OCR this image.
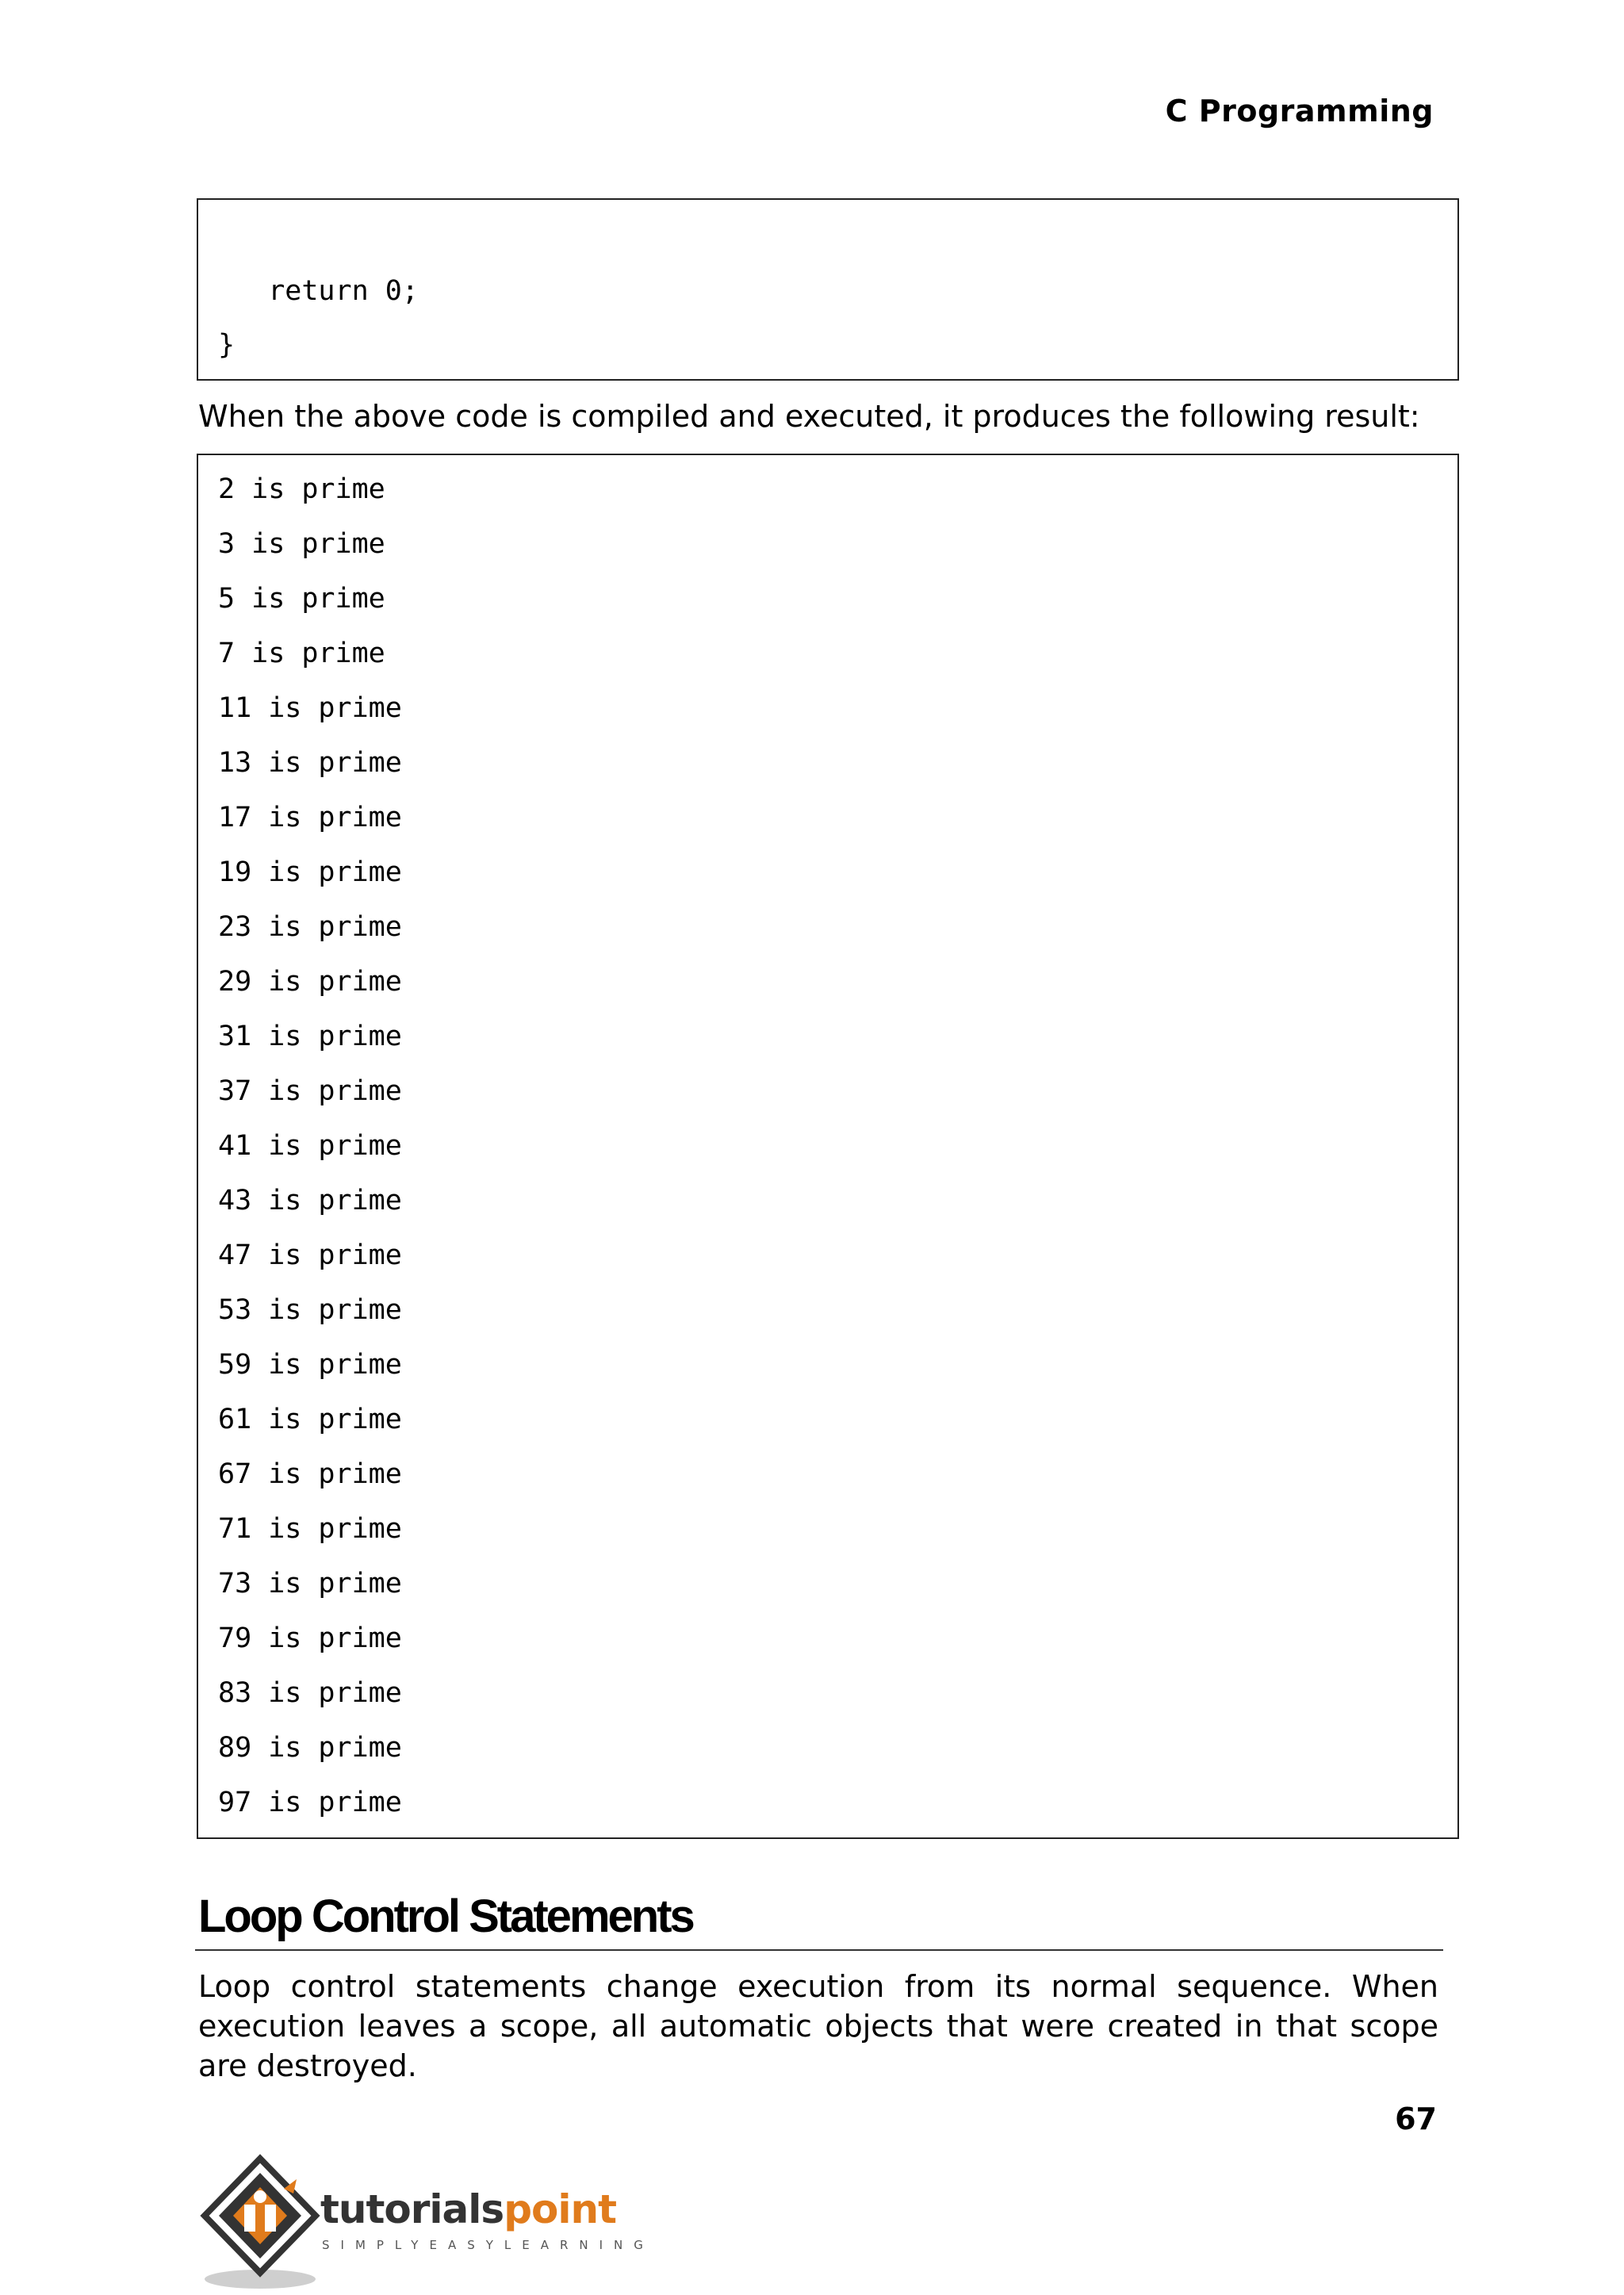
C Programming
return 0;
}
When the above code is compiled and executed, it produces the following result:
2 is prime
3 is prime
5 is prime
7 is prime
11 is prime
13 is prime
17 is prime
19 is prime
23 is prime
29 is prime
31 is prime
37 is prime
41 is prime
43 is prime
47 is prime
53 is prime
59 is prime
61 is prime
67 is prime
71 is prime
73 is prime
79 is prime
83 is prime
89 is prime
97 is prime
Loop Control Statements
Loop control statements change execution from its normal sequence. When execution leaves a scope, all automatic objects that were created in that scope are destroyed.
67
tutorialspoint
SIMPLYEASYLEARNING
